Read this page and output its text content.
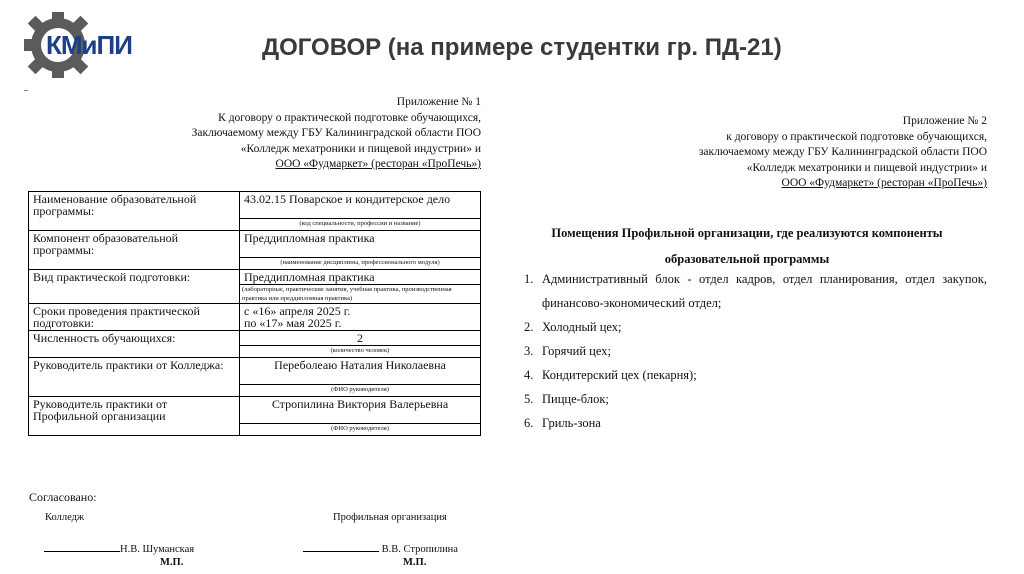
КМиПИ	ДОГОВОР (на примере студентки гр. ПД-21)
Приложение № 1
К договору о практической подготовке обучающихся,
Заключаемому между ГБУ Калининградской области ПОО
«Колледж мехатроники и пищевой индустрии» и
ООО «Фудмаркет» (ресторан «ПроПечь»)
Наименование образовательной программы:	43.02.15 Поварское и кондитерское дело
	(код специальности, профессии и название)
Компонент образовательной программы:	Преддипломная практика
	(наименование дисциплины, профессионального модуля)
Вид практической подготовки:	Преддипломная практика
	(лабораторные, практические занятия, учебная практика, производственная практика или преддипломная практика)
Сроки проведения практической подготовки:	с «16» апреля 2025 г.
по «17» мая 2025 г.

Численность обучающихся:	2
	(количество человек)
Руководитель практики от Колледжа:	Переболеаю Наталия Николаевна
	(ФИО руководителя)
Руководитель практики от Профильной организации	Стропилина Виктория Валерьевна
	(ФИО руководителя)
Согласовано:
Колледж	Профильная организация
Н.В. Шуманская	В.В. Стропилина
М.П.	М.П.
Приложение № 2
к договору о практической подготовке обучающихся,
заключаемому между ГБУ Калининградской области ПОО
«Колледж мехатроники и пищевой индустрии» и
ООО «Фудмаркет» (ресторан «ПроПечь»)
Помещения Профильной организации, где реализуются компоненты
образовательной программы
1. Административный блок - отдел кадров, отдел планирования, отдел закупок, финансово-экономический отдел;
2. Холодный цех;
3. Горячий цех;
4. Кондитерский цех (пекарня);
5. Пицце-блок;
6. Гриль-зона
